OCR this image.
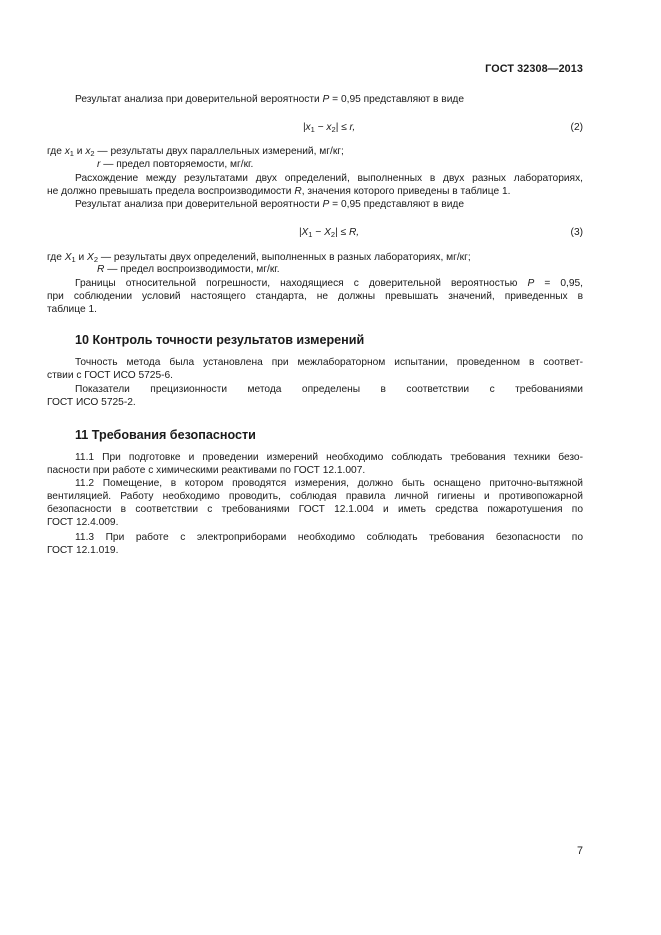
ГОСТ 32308—2013
Результат анализа при доверительной вероятности P = 0,95 представляют в виде
$|x_1 - x_2| \le r$,	(2)
где $x_1$ и $x_2$ — результаты двух параллельных измерений, мг/кг;
r — предел повторяемости, мг/кг.
Расхождение между результатами двух определений, выполненных в двух разных лабораториях,
не должно превышать предела воспроизводимости R, значения которого приведены в таблице 1.
Результат анализа при доверительной вероятности P = 0,95 представляют в виде
$|X_1 - X_2| \le R$,	(3)
где $X_1$ и $X_2$ — результаты двух определений, выполненных в разных лабораториях, мг/кг;
R — предел воспроизводимости, мг/кг.
Границы относительной погрешности, находящиеся с доверительной вероятностью P = 0,95,
при соблюдении условий настоящего стандарта, не должны превышать значений, приведенных в
таблице 1.
10 Контроль точности результатов измерений
Точность метода была установлена при межлабораторном испытании, проведенном в соответ-
ствии с ГОСТ ИСО 5725-6.
Показатели прецизионности метода определены в соответствии с требованиями
ГОСТ ИСО 5725-2.
11 Требования безопасности
11.1 При подготовке и проведении измерений необходимо соблюдать требования техники безо-
пасности при работе с химическими реактивами по ГОСТ 12.1.007.
11.2 Помещение, в котором проводятся измерения, должно быть оснащено приточно-вытяжной
вентиляцией. Работу необходимо проводить, соблюдая правила личной гигиены и противопожарной
безопасности в соответствии с требованиями ГОСТ 12.1.004 и иметь средства пожаротушения по
ГОСТ 12.4.009.
11.3 При работе с электроприборами необходимо соблюдать требования безопасности по
ГОСТ 12.1.019.
7
